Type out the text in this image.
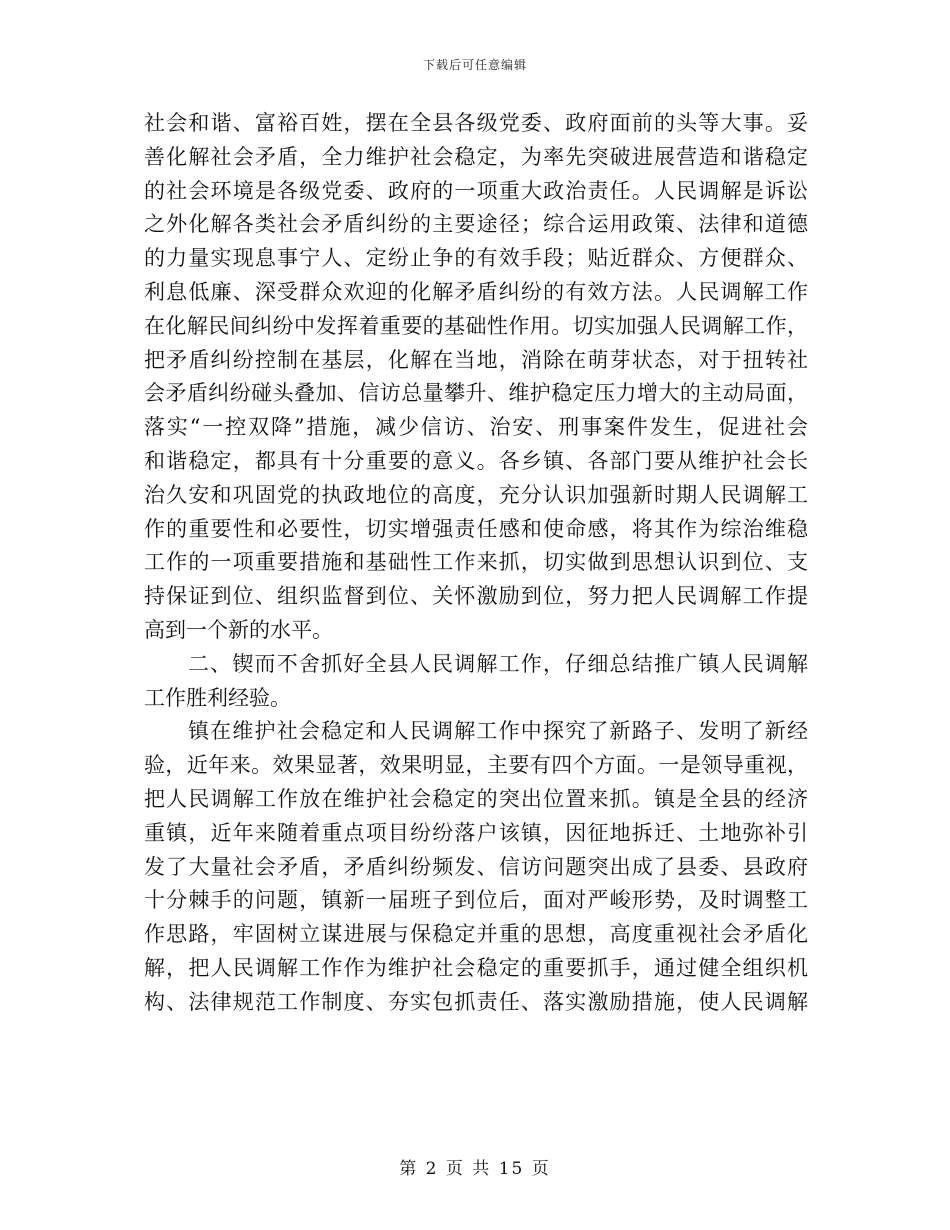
下载后可任意编辑
社会和谐、富裕百姓，摆在全县各级党委、政府面前的头等大事。妥
善化解社会矛盾，全力维护社会稳定，为率先突破进展营造和谐稳定
的社会环境是各级党委、政府的一项重大政治责任。人民调解是诉讼
之外化解各类社会矛盾纠纷的主要途径；综合运用政策、法律和道德
的力量实现息事宁人、定纷止争的有效手段；贴近群众、方便群众、
利息低廉、深受群众欢迎的化解矛盾纠纷的有效方法。人民调解工作
在化解民间纠纷中发挥着重要的基础性作用。切实加强人民调解工作，
把矛盾纠纷控制在基层，化解在当地，消除在萌芽状态，对于扭转社
会矛盾纠纷碰头叠加、信访总量攀升、维护稳定压力增大的主动局面，
落实“一控双降”措施，减少信访、治安、刑事案件发生，促进社会
和谐稳定，都具有十分重要的意义。各乡镇、各部门要从维护社会长
治久安和巩固党的执政地位的高度，充分认识加强新时期人民调解工
作的重要性和必要性，切实增强责任感和使命感，将其作为综治维稳
工作的一项重要措施和基础性工作来抓，切实做到思想认识到位、支
持保证到位、组织监督到位、关怀激励到位，努力把人民调解工作提
高到一个新的水平。
二、锲而不舍抓好全县人民调解工作，仔细总结推广镇人民调解
工作胜利经验。
镇在维护社会稳定和人民调解工作中探究了新路子、发明了新经
验，近年来。效果显著，效果明显，主要有四个方面。一是领导重视，
把人民调解工作放在维护社会稳定的突出位置来抓。镇是全县的经济
重镇，近年来随着重点项目纷纷落户该镇，因征地拆迁、土地弥补引
发了大量社会矛盾，矛盾纠纷频发、信访问题突出成了县委、县政府
十分棘手的问题，镇新一届班子到位后，面对严峻形势，及时调整工
作思路，牢固树立谋进展与保稳定并重的思想，高度重视社会矛盾化
解，把人民调解工作作为维护社会稳定的重要抓手，通过健全组织机
构、法律规范工作制度、夯实包抓责任、落实激励措施，使人民调解
第 2 页 共 15 页
